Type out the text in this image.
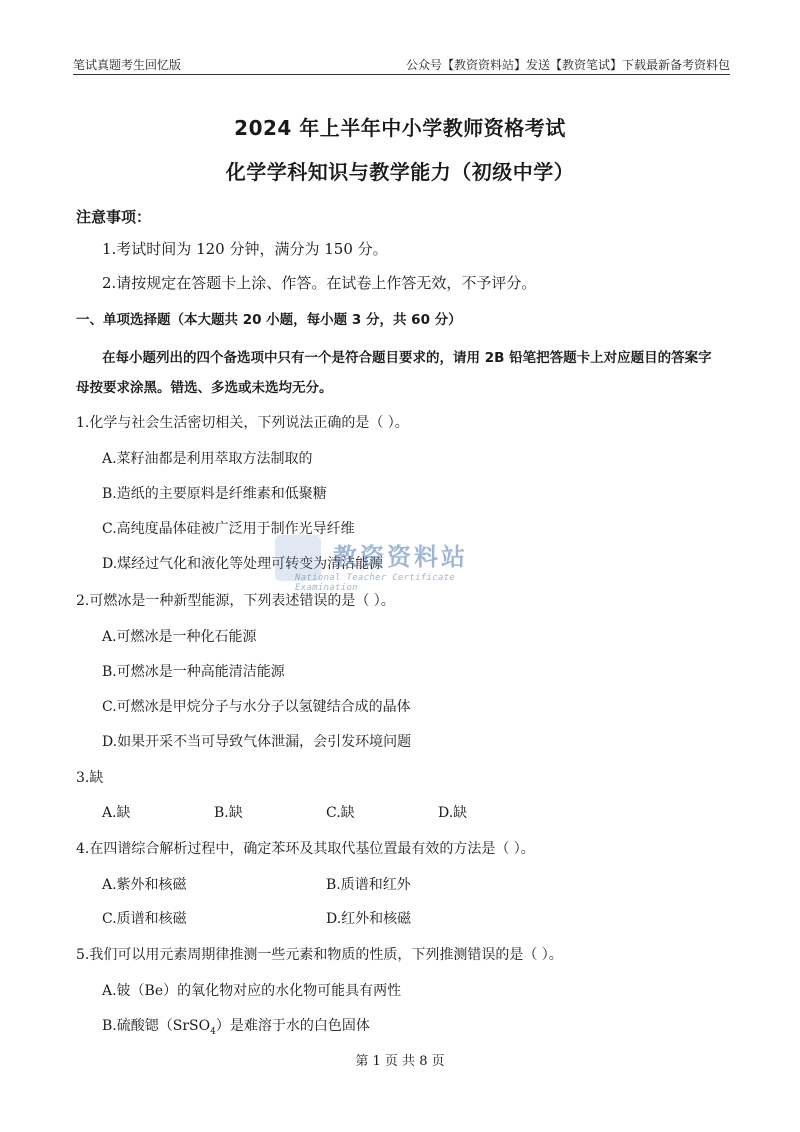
笔试真题考生回忆版	公众号【教资资料站】发送【教资笔试】下载最新备考资料包
2024 年上半年中小学教师资格考试
化学学科知识与教学能力（初级中学）
注意事项：
1.考试时间为 120 分钟，满分为 150 分。
2.请按规定在答题卡上涂、作答。在试卷上作答无效，不予评分。
一、单项选择题（本大题共 20 小题，每小题 3 分，共 60 分）
在每小题列出的四个备选项中只有一个是符合题目要求的，请用 2B 铅笔把答题卡上对应题目的答案字
母按要求涂黑。错选、多选或未选均无分。
1.化学与社会生活密切相关，下列说法正确的是（ ）。
A.菜籽油都是利用萃取方法制取的
B.造纸的主要原料是纤维素和低聚糖
C.高纯度晶体硅被广泛用于制作光导纤维
D.煤经过气化和液化等处理可转变为清洁能源
2.可燃冰是一种新型能源，下列表述错误的是（ ）。
A.可燃冰是一种化石能源
B.可燃冰是一种高能清洁能源
C.可燃冰是甲烷分子与水分子以氢键结合成的晶体
D.如果开采不当可导致气体泄漏，会引发环境问题
3.缺
A.缺	B.缺	C.缺	D.缺
4.在四谱综合解析过程中，确定苯环及其取代基位置最有效的方法是（ ）。
A.紫外和核磁	B.质谱和红外
C.质谱和核磁	D.红外和核磁
5.我们可以用元素周期律推测一些元素和物质的性质，下列推测错误的是（ ）。
A.铍（Be）的氧化物对应的水化物可能具有两性
B.硫酸锶（SrSO$_4$）是难溶于水的白色固体
教资资料站
National Teacher Certificate Examination
第 1 页 共 8 页
